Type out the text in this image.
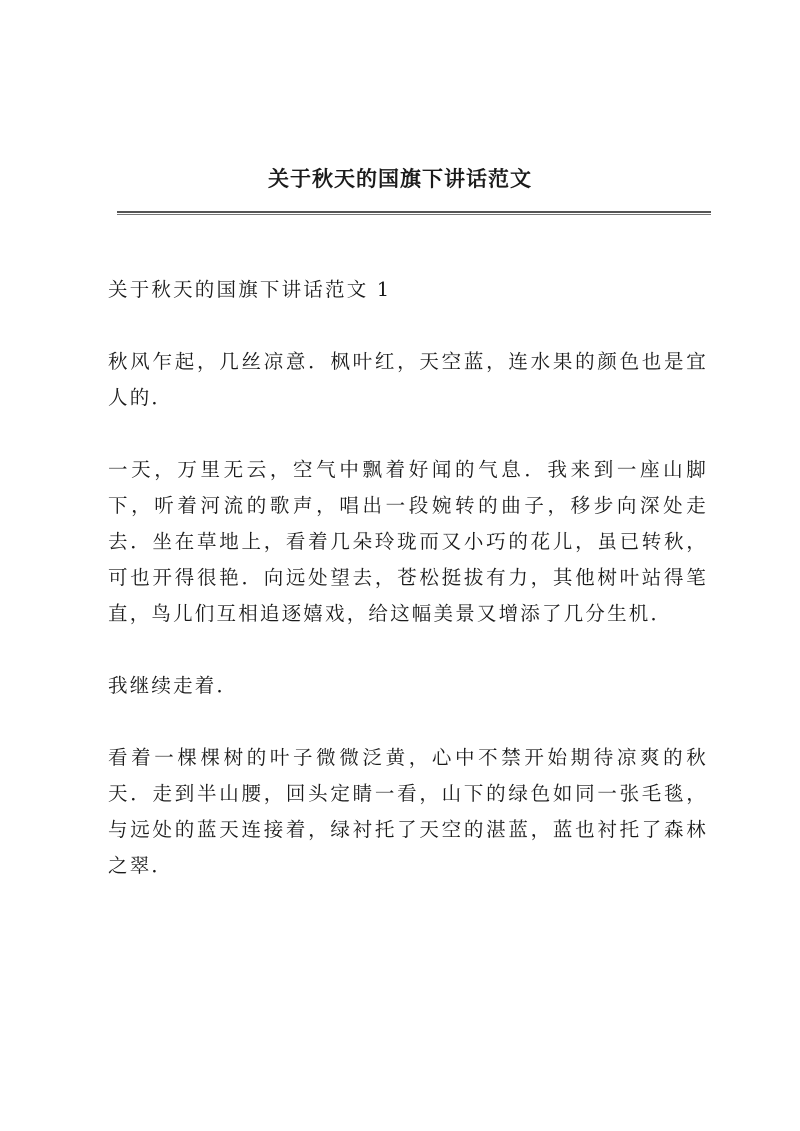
关于秋天的国旗下讲话范文

关于秋天的国旗下讲话范文 1

秋风乍起，几丝凉意．枫叶红，天空蓝，连水果的颜色也是宜人的．

一天，万里无云，空气中飘着好闻的气息．我来到一座山脚下，听着河流的歌声，唱出一段婉转的曲子，移步向深处走去．坐在草地上，看着几朵玲珑而又小巧的花儿，虽已转秋，可也开得很艳．向远处望去，苍松挺拔有力，其他树叶站得笔直，鸟儿们互相追逐嬉戏，给这幅美景又增添了几分生机．

我继续走着．

看着一棵棵树的叶子微微泛黄，心中不禁开始期待凉爽的秋天．走到半山腰，回头定睛一看，山下的绿色如同一张毛毯，与远处的蓝天连接着，绿衬托了天空的湛蓝，蓝也衬托了森林之翠．
